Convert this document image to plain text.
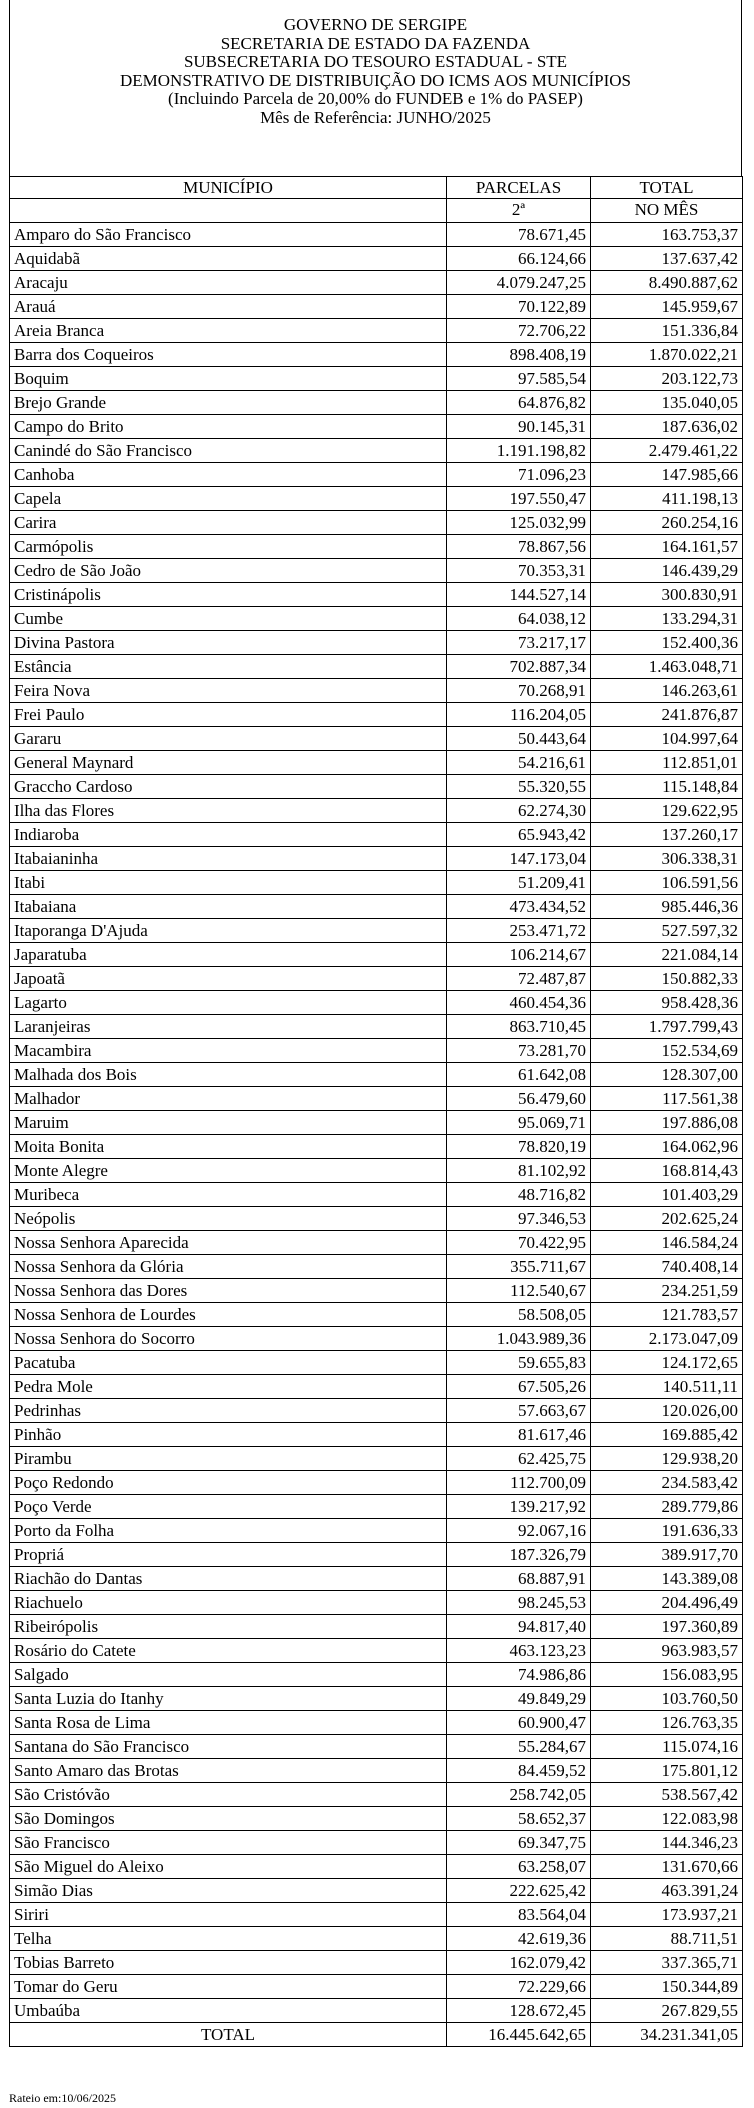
GOVERNO DE SERGIPE
SECRETARIA DE ESTADO DA FAZENDA
SUBSECRETARIA DO TESOURO ESTADUAL - STE
DEMONSTRATIVO DE DISTRIBUIÇÃO DO ICMS AOS MUNICÍPIOS
(Incluindo Parcela de 20,00% do FUNDEB e 1% do PASEP)
Mês de Referência: JUNHO/2025
MUNICÍPIO	PARCELAS	TOTAL
	2ª	NO MÊS
Amparo do São Francisco	78.671,45	163.753,37
Aquidabã	66.124,66	137.637,42
Aracaju	4.079.247,25	8.490.887,62
Arauá	70.122,89	145.959,67
Areia Branca	72.706,22	151.336,84
Barra dos Coqueiros	898.408,19	1.870.022,21
Boquim	97.585,54	203.122,73
Brejo Grande	64.876,82	135.040,05
Campo do Brito	90.145,31	187.636,02
Canindé do São Francisco	1.191.198,82	2.479.461,22
Canhoba	71.096,23	147.985,66
Capela	197.550,47	411.198,13
Carira	125.032,99	260.254,16
Carmópolis	78.867,56	164.161,57
Cedro de São João	70.353,31	146.439,29
Cristinápolis	144.527,14	300.830,91
Cumbe	64.038,12	133.294,31
Divina Pastora	73.217,17	152.400,36
Estância	702.887,34	1.463.048,71
Feira Nova	70.268,91	146.263,61
Frei Paulo	116.204,05	241.876,87
Gararu	50.443,64	104.997,64
General Maynard	54.216,61	112.851,01
Graccho Cardoso	55.320,55	115.148,84
Ilha das Flores	62.274,30	129.622,95
Indiaroba	65.943,42	137.260,17
Itabaianinha	147.173,04	306.338,31
Itabi	51.209,41	106.591,56
Itabaiana	473.434,52	985.446,36
Itaporanga D'Ajuda	253.471,72	527.597,32
Japaratuba	106.214,67	221.084,14
Japoatã	72.487,87	150.882,33
Lagarto	460.454,36	958.428,36
Laranjeiras	863.710,45	1.797.799,43
Macambira	73.281,70	152.534,69
Malhada dos Bois	61.642,08	128.307,00
Malhador	56.479,60	117.561,38
Maruim	95.069,71	197.886,08
Moita Bonita	78.820,19	164.062,96
Monte Alegre	81.102,92	168.814,43
Muribeca	48.716,82	101.403,29
Neópolis	97.346,53	202.625,24
Nossa Senhora Aparecida	70.422,95	146.584,24
Nossa Senhora da Glória	355.711,67	740.408,14
Nossa Senhora das Dores	112.540,67	234.251,59
Nossa Senhora de Lourdes	58.508,05	121.783,57
Nossa Senhora do Socorro	1.043.989,36	2.173.047,09
Pacatuba	59.655,83	124.172,65
Pedra Mole	67.505,26	140.511,11
Pedrinhas	57.663,67	120.026,00
Pinhão	81.617,46	169.885,42
Pirambu	62.425,75	129.938,20
Poço Redondo	112.700,09	234.583,42
Poço Verde	139.217,92	289.779,86
Porto da Folha	92.067,16	191.636,33
Propriá	187.326,79	389.917,70
Riachão do Dantas	68.887,91	143.389,08
Riachuelo	98.245,53	204.496,49
Ribeirópolis	94.817,40	197.360,89
Rosário do Catete	463.123,23	963.983,57
Salgado	74.986,86	156.083,95
Santa Luzia do Itanhy	49.849,29	103.760,50
Santa Rosa de Lima	60.900,47	126.763,35
Santana do São Francisco	55.284,67	115.074,16
Santo Amaro das Brotas	84.459,52	175.801,12
São Cristóvão	258.742,05	538.567,42
São Domingos	58.652,37	122.083,98
São Francisco	69.347,75	144.346,23
São Miguel do Aleixo	63.258,07	131.670,66
Simão Dias	222.625,42	463.391,24
Siriri	83.564,04	173.937,21
Telha	42.619,36	88.711,51
Tobias Barreto	162.079,42	337.365,71
Tomar do Geru	72.229,66	150.344,89
Umbaúba	128.672,45	267.829,55
TOTAL	16.445.642,65	34.231.341,05
Rateio em:10/06/2025
